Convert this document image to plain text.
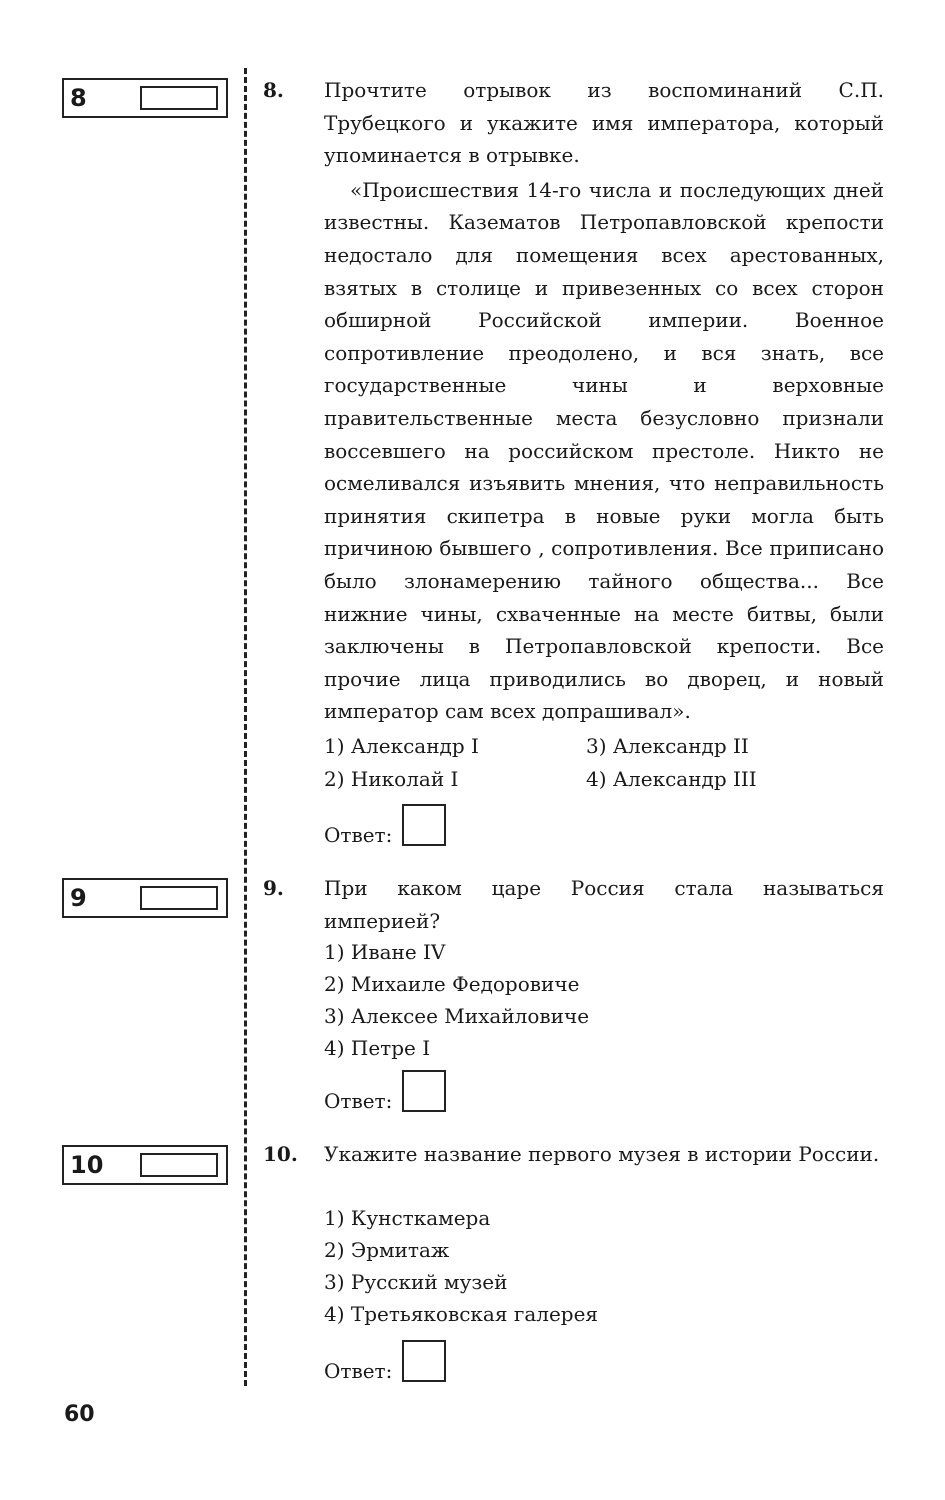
8	8. Прочтите отрывок из воспоминаний С.П. Трубецкого и укажите имя императора, который упоминается в отрывке.

«Происшествия 14-го числа и последующих дней известны. Казематов Петропавловской крепости недостало для помещения всех арестованных, взятых в столице и привезенных со всех сторон обширной Российской империи. Военное сопротивление преодолено, и вся знать, все государственные чины и верховные правительственные места безусловно признали воссевшего на российском престоле. Никто не осмеливался изъявить мнения, что неправильность принятия скипетра в новые руки могла быть причиною бывшего , сопротивления. Все приписано было злонамерению тайного общества... Все нижние чины, схваченные на месте битвы, были заключены в Петропавловской крепости. Все прочие лица приводились во дворец, и новый император сам всех допрашивал».

1) Александр I	3) Александр II
2) Николай I	4) Александр III
Ответ:
9	9. При каком царе Россия стала называться империей?

1) Иване IV
2) Михаиле Федоровиче
3) Алексее Михайловиче
4) Петре I
Ответ:
10	10. Укажите название первого музея в истории России.

1) Кунсткамера
2) Эрмитаж
3) Русский музей
4) Третьяковская галерея
Ответ:
60
